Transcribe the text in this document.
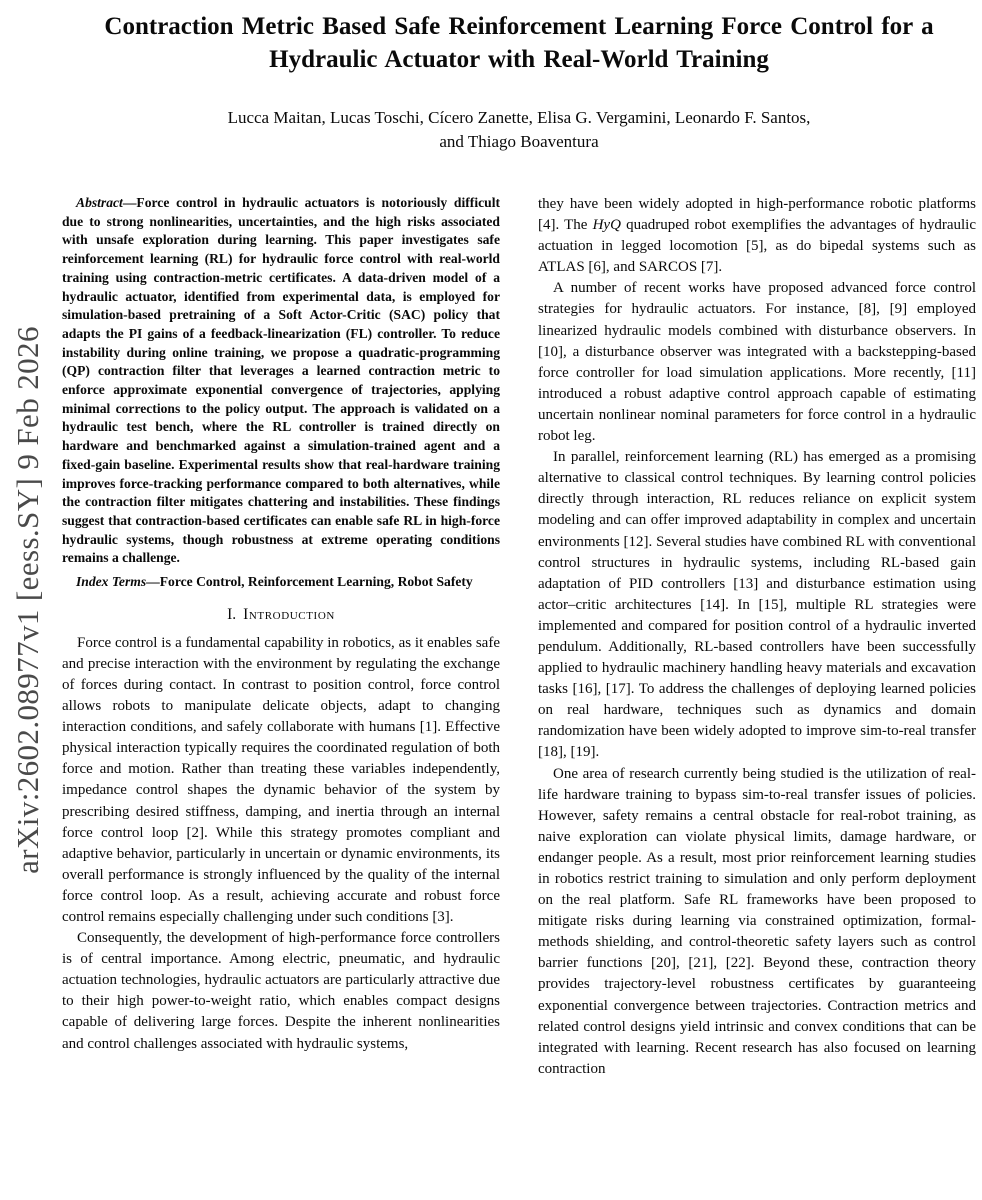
arXiv:2602.08977v1 [eess.SY] 9 Feb 2026
Contraction Metric Based Safe Reinforcement Learning Force Control for a Hydraulic Actuator with Real-World Training
Lucca Maitan, Lucas Toschi, Cícero Zanette, Elisa G. Vergamini, Leonardo F. Santos,
and Thiago Boaventura

Abstract—Force control in hydraulic actuators is notoriously difficult due to strong nonlinearities, uncertainties, and the high risks associated with unsafe exploration during learning. This paper investigates safe reinforcement learning (RL) for hydraulic force control with real-world training using contraction-metric certificates. A data-driven model of a hydraulic actuator, identified from experimental data, is employed for simulation-based pretraining of a Soft Actor-Critic (SAC) policy that adapts the PI gains of a feedback-linearization (FL) controller. To reduce instability during online training, we propose a quadratic-programming (QP) contraction filter that leverages a learned contraction metric to enforce approximate exponential convergence of trajectories, applying minimal corrections to the policy output. The approach is validated on a hydraulic test bench, where the RL controller is trained directly on hardware and benchmarked against a simulation-trained agent and a fixed-gain baseline. Experimental results show that real-hardware training improves force-tracking performance compared to both alternatives, while the contraction filter mitigates chattering and instabilities. These findings suggest that contraction-based certificates can enable safe RL in high-force hydraulic systems, though robustness at extreme operating conditions remains a challenge.

Index Terms—Force Control, Reinforcement Learning, Robot Safety

I. Introduction

Force control is a fundamental capability in robotics, as it enables safe and precise interaction with the environment by regulating the exchange of forces during contact. In contrast to position control, force control allows robots to manipulate delicate objects, adapt to changing interaction conditions, and safely collaborate with humans [1]. Effective physical interaction typically requires the coordinated regulation of both force and motion. Rather than treating these variables independently, impedance control shapes the dynamic behavior of the system by prescribing desired stiffness, damping, and inertia through an internal force control loop [2]. While this strategy promotes compliant and adaptive behavior, particularly in uncertain or dynamic environments, its overall performance is strongly influenced by the quality of the internal force control loop. As a result, achieving accurate and robust force control remains especially challenging under such conditions [3].

Consequently, the development of high-performance force controllers is of central importance. Among electric, pneumatic, and hydraulic actuation technologies, hydraulic actuators are particularly attractive due to their high power-to-weight ratio, which enables compact designs capable of delivering large forces. Despite the inherent nonlinearities and control challenges associated with hydraulic systems,

they have been widely adopted in high-performance robotic platforms [4]. The HyQ quadruped robot exemplifies the advantages of hydraulic actuation in legged locomotion [5], as do bipedal systems such as ATLAS [6], and SARCOS [7].

A number of recent works have proposed advanced force control strategies for hydraulic actuators. For instance, [8], [9] employed linearized hydraulic models combined with disturbance observers. In [10], a disturbance observer was integrated with a backstepping-based force controller for load simulation applications. More recently, [11] introduced a robust adaptive control approach capable of estimating uncertain nonlinear nominal parameters for force control in a hydraulic robot leg.

In parallel, reinforcement learning (RL) has emerged as a promising alternative to classical control techniques. By learning control policies directly through interaction, RL reduces reliance on explicit system modeling and can offer improved adaptability in complex and uncertain environments [12]. Several studies have combined RL with conventional control structures in hydraulic systems, including RL-based gain adaptation of PID controllers [13] and disturbance estimation using actor–critic architectures [14]. In [15], multiple RL strategies were implemented and compared for position control of a hydraulic inverted pendulum. Additionally, RL-based controllers have been successfully applied to hydraulic machinery handling heavy materials and excavation tasks [16], [17]. To address the challenges of deploying learned policies on real hardware, techniques such as dynamics and domain randomization have been widely adopted to improve sim-to-real transfer [18], [19].

One area of research currently being studied is the utilization of real-life hardware training to bypass sim-to-real transfer issues of policies. However, safety remains a central obstacle for real-robot training, as naive exploration can violate physical limits, damage hardware, or endanger people. As a result, most prior reinforcement learning studies in robotics restrict training to simulation and only perform deployment on the real platform. Safe RL frameworks have been proposed to mitigate risks during learning via constrained optimization, formal-methods shielding, and control-theoretic safety layers such as control barrier functions [20], [21], [22]. Beyond these, contraction theory provides trajectory-level robustness certificates by guaranteeing exponential convergence between trajectories. Contraction metrics and related control designs yield intrinsic and convex conditions that can be integrated with learning. Recent research has also focused on learning contraction
